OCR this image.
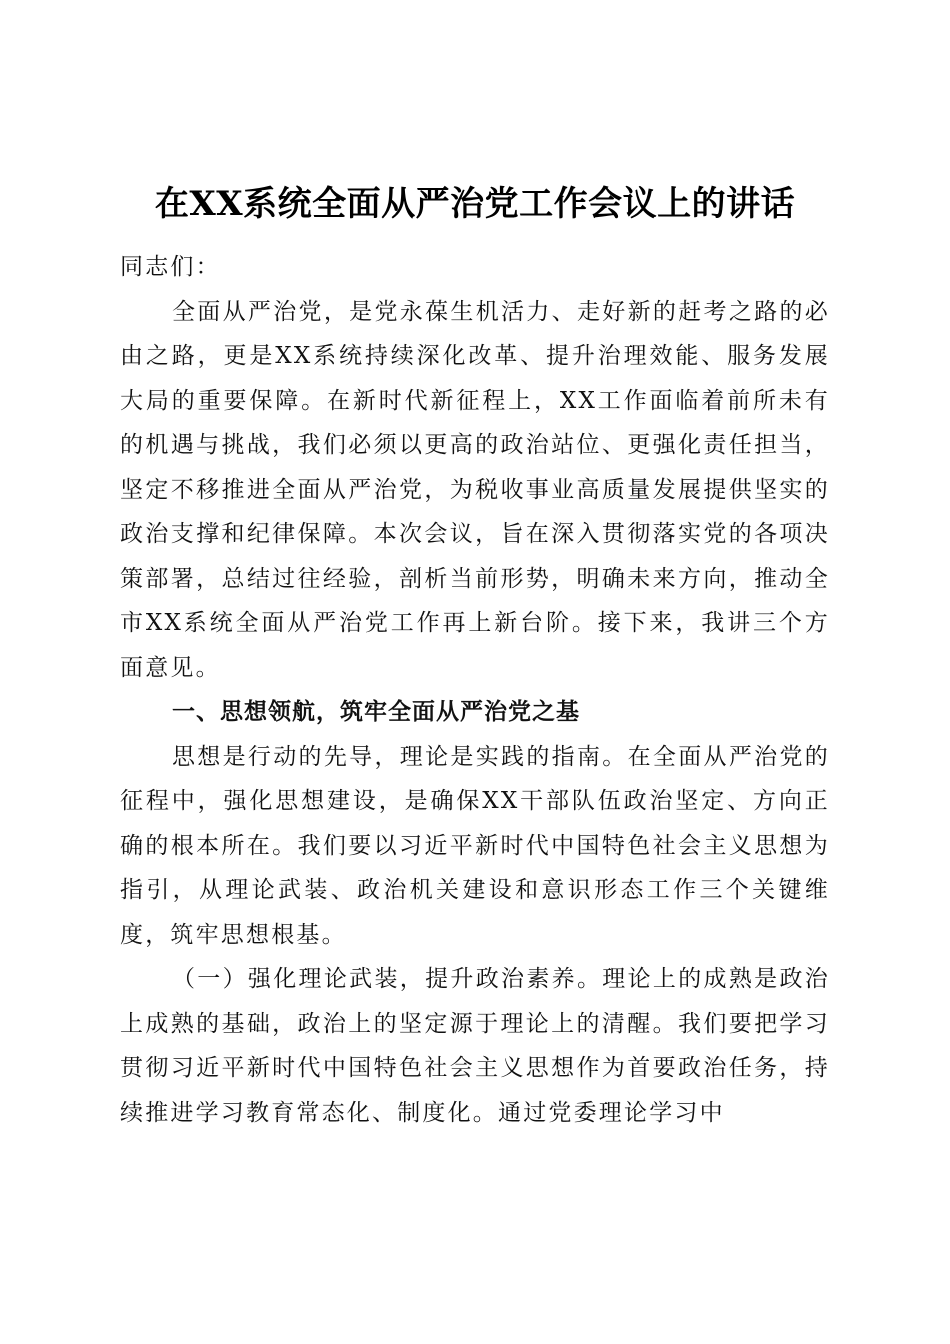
在XX系统全面从严治党工作会议上的讲话

同志们：

全面从严治党，是党永葆生机活力、走好新的赶考之路的必由之路，更是XX系统持续深化改革、提升治理效能、服务发展大局的重要保障。在新时代新征程上，XX工作面临着前所未有的机遇与挑战，我们必须以更高的政治站位、更强化责任担当，坚定不移推进全面从严治党，为税收事业高质量发展提供坚实的政治支撑和纪律保障。本次会议，旨在深入贯彻落实党的各项决策部署，总结过往经验，剖析当前形势，明确未来方向，推动全市XX系统全面从严治党工作再上新台阶。接下来，我讲三个方面意见。

一、思想领航，筑牢全面从严治党之基

思想是行动的先导，理论是实践的指南。在全面从严治党的征程中，强化思想建设，是确保XX干部队伍政治坚定、方向正确的根本所在。我们要以习近平新时代中国特色社会主义思想为指引，从理论武装、政治机关建设和意识形态工作三个关键维度，筑牢思想根基。

（一）强化理论武装，提升政治素养。理论上的成熟是政治上成熟的基础，政治上的坚定源于理论上的清醒。我们要把学习贯彻习近平新时代中国特色社会主义思想作为首要政治任务，持续推进学习教育常态化、制度化。通过党委理论学习中
